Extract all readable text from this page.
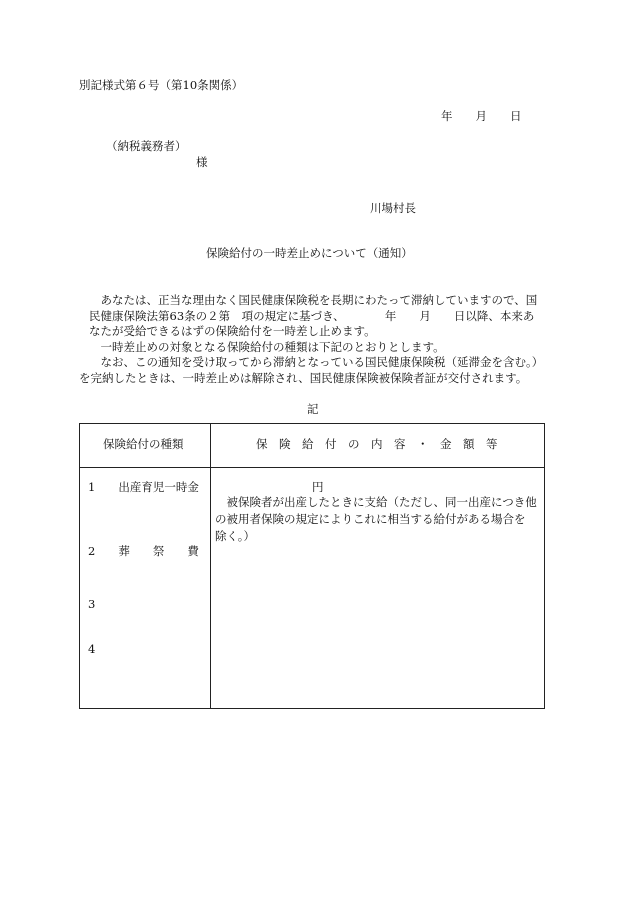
別記様式第６号（第10条関係）
年　　月　　日
（納税義務者）
様
川場村長
保険給付の一時差止めについて（通知）

　あなたは、正当な理由なく国民健康保険税を長期にわたって滞納していますので、国

民健康保険法第63条の２第　項の規定に基づき、　　　　年　　月　　日以降、本来あ

なたが受給できるはずの保険給付を一時差し止めます。

　一時差止めの対象となる保険給付の種類は下記のとおりとします。

　なお、この通知を受け取ってから滞納となっている国民健康保険税（延滞金を含む。）

を完納したときは、一時差止めは解除され、国民健康保険被保険者証が交付されます。

記
保険給付の種類	保　険　給　付　の　内　容　・　金　額　等
1　　出産育児一時金
2　　葬　　祭　　費
3
4
円
　被保険者が出産したときに支給（ただし、同一出産につき他
の被用者保険の規定によりこれに相当する給付がある場合を
除く。）
